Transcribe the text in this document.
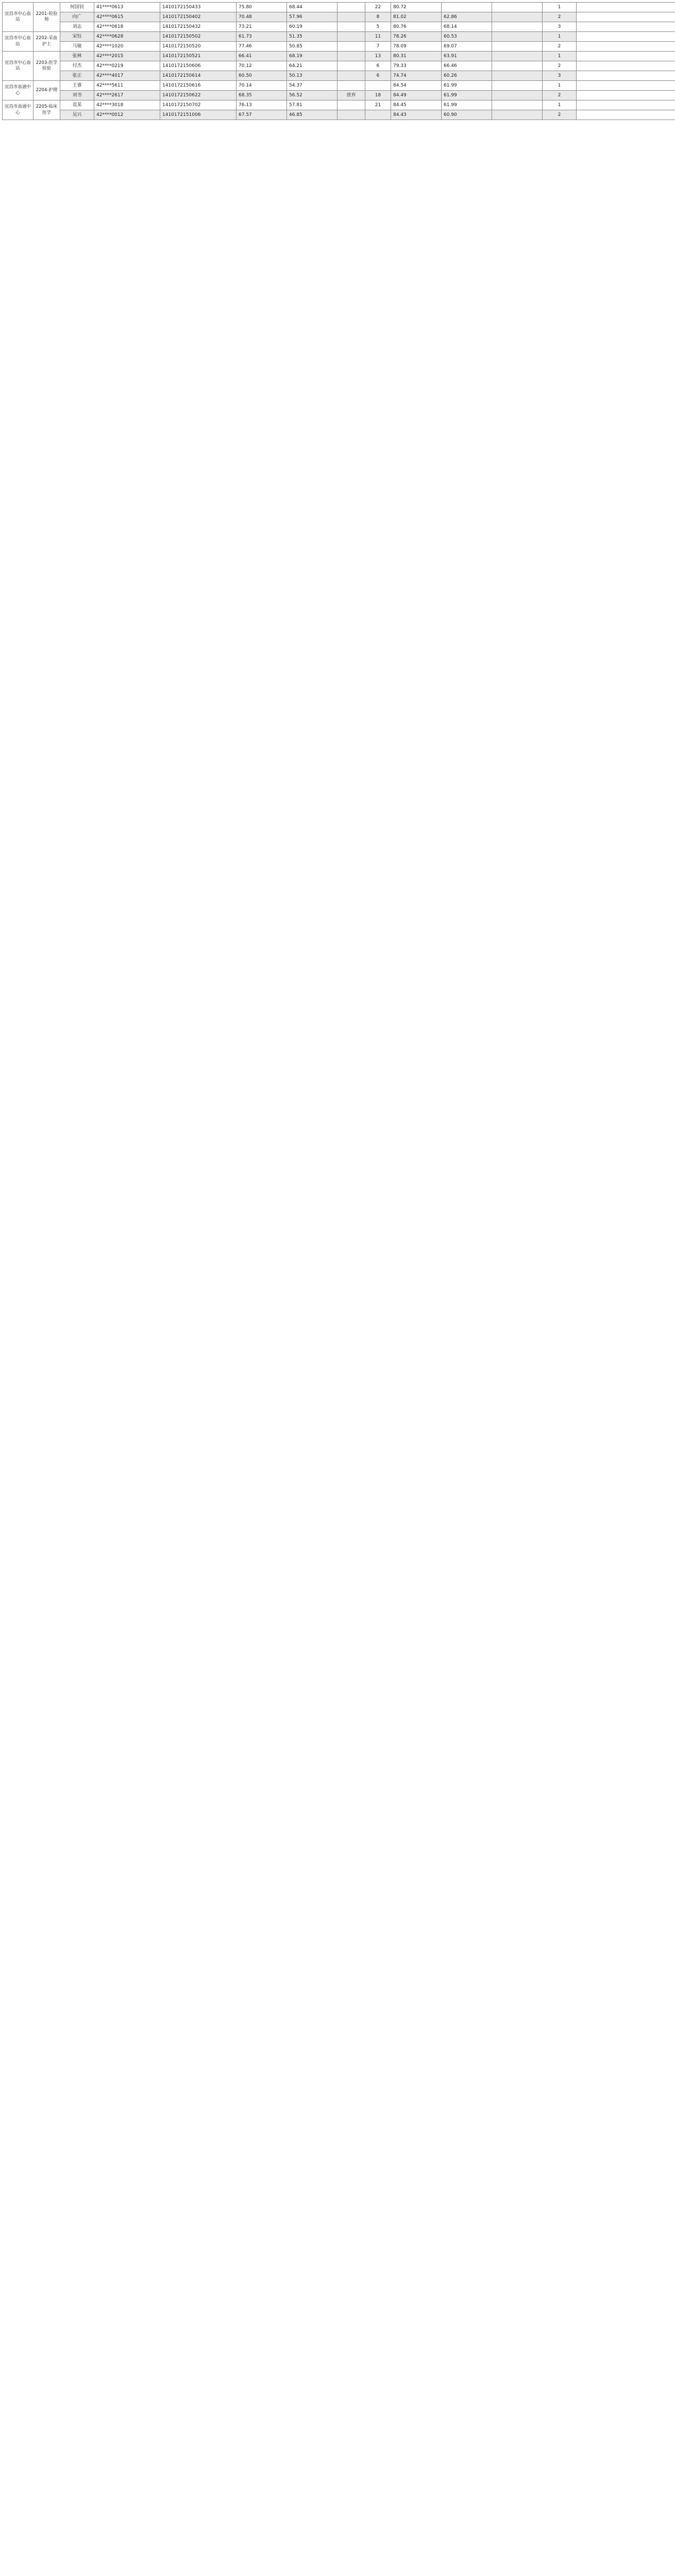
宜昌市中心血站	2201-检验师	何国钊	41****0613	1410172150433	75.80	68.44		22	80.72			1	
		向广	42****0615	1410172150402	70.48	57.96		8	81.02	62.86		2	
		刘志	42****0618	1410172150432	73.21	60.19		5	80.76	68.14		3	
宜昌市中心血站	2202-采血护士	宋钰	42****0628	1410172150502	61.73	51.35		11	78.26	60.53		1	
		马敏	42****1020	1410172150520	77.46	50.85		7	78.09	69.07		2	
宜昌市中心血站	2203-医学检验	张林	42****2015	1410172150521	66.41	68.19		13	80.31	63.91		1	
		付杰	42****0219	1410172150606	70.12	64.21		6	79.33	66.46		2	
		张正	42****4017	1410172150614	60.50	50.13		6	74.74	60.26		3	
宜昌市血液中心	2204-护理	王睿	42****5611	1410172150616	70.14	54.37			84.54	61.99		1	
		刘书	42****2617	1410172150622	68.35	56.52	放弃	18	84.49	61.99		2	
宜昌市血液中心	2205-临床医学	袁某	42****3018	1410172150702	76.13	57.81		21	84.45	61.99		1	
		吴兴	42****0012	1410172151006	67.57	46.85			84.43	60.90		2	
